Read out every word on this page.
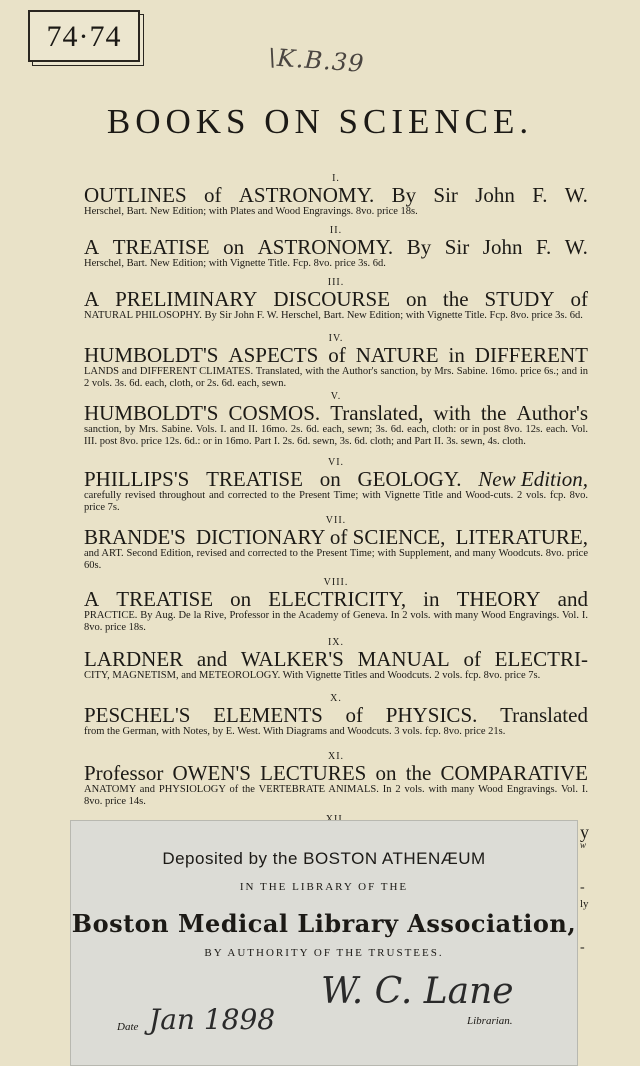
74·74
\K.B.39
BOOKS ON SCIENCE.
I.
OUTLINES of ASTRONOMY. By Sir John F. W.
Herschel, Bart. New Edition; with Plates and Wood Engravings. 8vo. price 18s.
II.
A TREATISE on ASTRONOMY. By Sir John F. W.
Herschel, Bart. New Edition; with Vignette Title. Fcp. 8vo. price 3s. 6d.
III.
A PRELIMINARY DISCOURSE on the STUDY of
NATURAL PHILOSOPHY. By Sir John F. W. Herschel, Bart. New Edition; with Vignette Title. Fcp. 8vo. price 3s. 6d.
IV.
HUMBOLDT'S ASPECTS of NATURE in DIFFERENT
LANDS and DIFFERENT CLIMATES. Translated, with the Author's sanction, by Mrs. Sabine. 16mo. price 6s.; and in 2 vols. 3s. 6d. each, cloth, or 2s. 6d. each, sewn.
V.
HUMBOLDT'S COSMOS. Translated, with the Author's
sanction, by Mrs. Sabine. Vols. I. and II. 16mo. 2s. 6d. each, sewn; 3s. 6d. each, cloth: or in post 8vo. 12s. each. Vol. III. post 8vo. price 12s. 6d.: or in 16mo. Part I. 2s. 6d. sewn, 3s. 6d. cloth; and Part II. 3s. sewn, 4s. cloth.
VI.
PHILLIPS'S TREATISE on GEOLOGY. New Edition,
carefully revised throughout and corrected to the Present Time; with Vignette Title and Wood-cuts. 2 vols. fcp. 8vo. price 7s.
VII.
BRANDE'S DICTIONARY of SCIENCE, LITERATURE,
and ART. Second Edition, revised and corrected to the Present Time; with Supplement, and many Woodcuts. 8vo. price 60s.
VIII.
A TREATISE on ELECTRICITY, in THEORY and
PRACTICE. By Aug. De la Rive, Professor in the Academy of Geneva. In 2 vols. with many Wood Engravings. Vol. I. 8vo. price 18s.
IX.
LARDNER and WALKER'S MANUAL of ELECTRI-
CITY, MAGNETISM, and METEOROLOGY. With Vignette Titles and Woodcuts. 2 vols. fcp. 8vo. price 7s.
X.
PESCHEL'S ELEMENTS of PHYSICS. Translated
from the German, with Notes, by E. West. With Diagrams and Woodcuts. 3 vols. fcp. 8vo. price 21s.
XI.
Professor OWEN'S LECTURES on the COMPARATIVE
ANATOMY and PHYSIOLOGY of the VERTEBRATE ANIMALS. In 2 vols. with many Wood Engravings. Vol. I. 8vo. price 14s.
Deposited by the BOSTON ATHENÆUM
IN THE LIBRARY OF THE
Boston Medical Library Association,
BY AUTHORITY OF THE TRUSTEES.
W. C. Lane
Date Jan 1898	Librarian.
y
w
-
ly
-
